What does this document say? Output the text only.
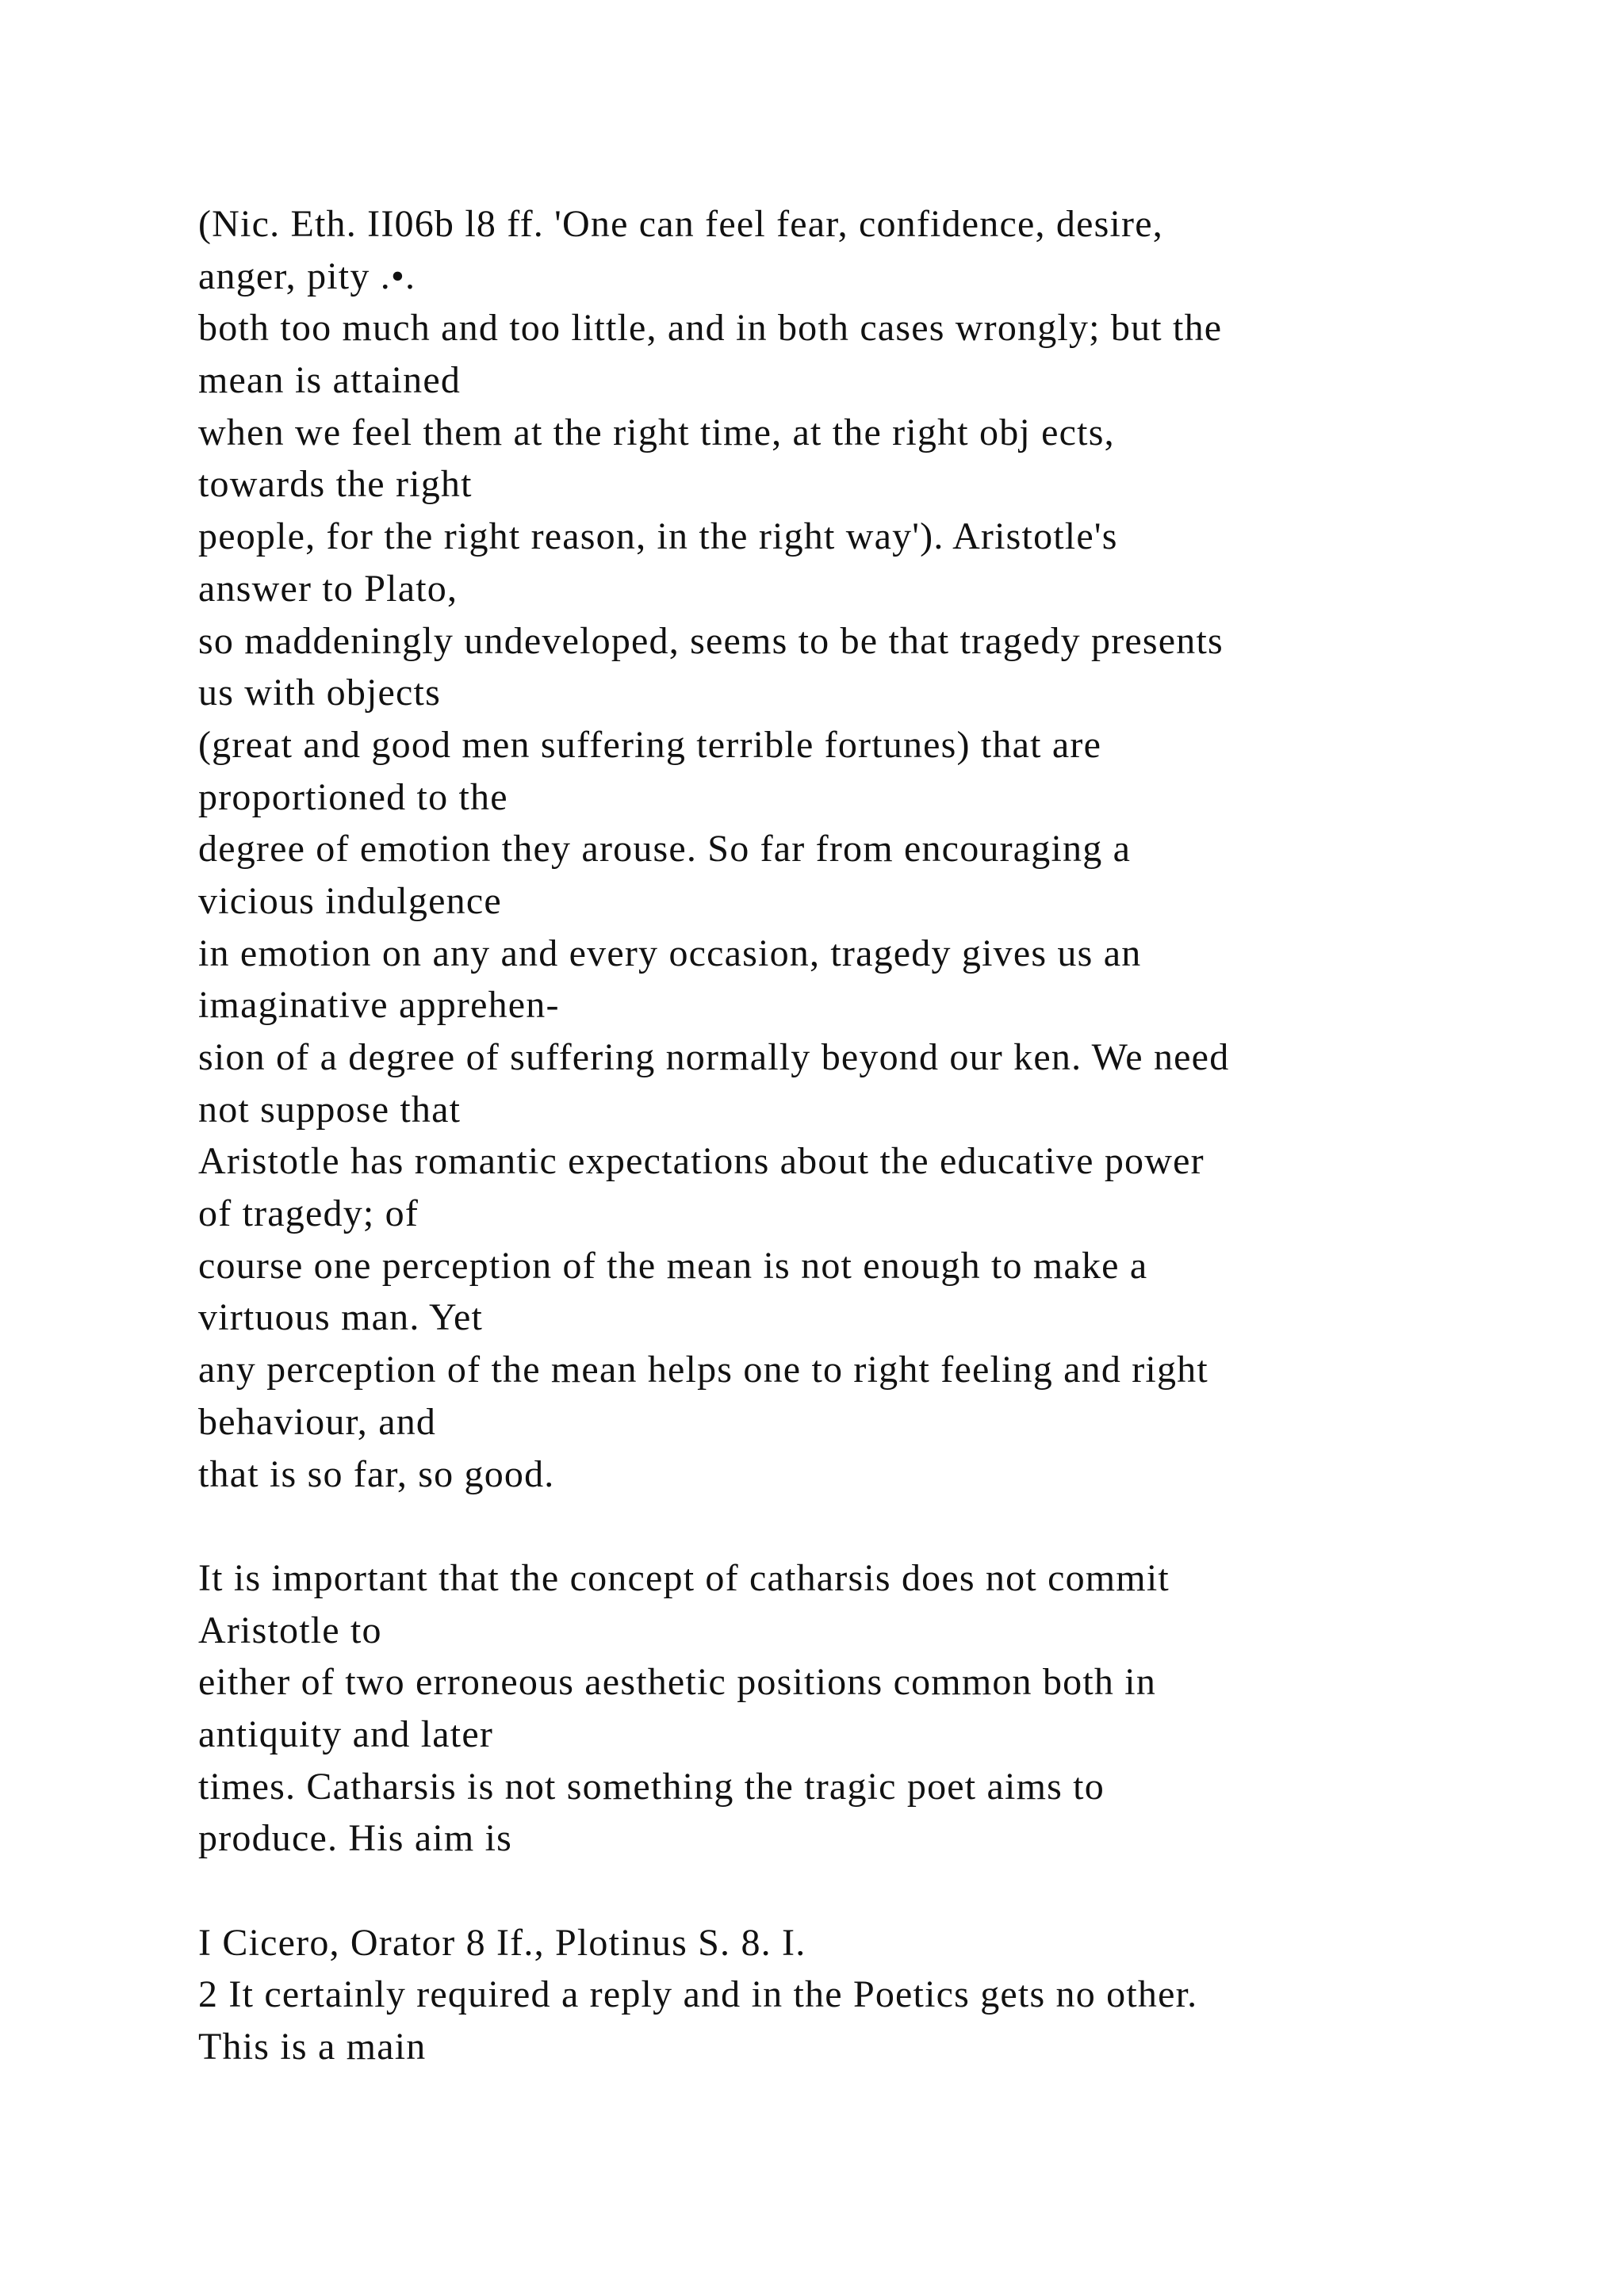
(Nic. Eth. II06b l8 ff. 'One can feel fear, confidence, desire,
anger, pity .•.
both too much and too little, and in both cases wrongly; but the
mean is attained
when we feel them at the right time, at the right obj ects,
towards the right
people, for the right reason, in the right way'). Aristotle's
answer to Plato,
so maddeningly undeveloped, seems to be that tragedy presents
us with objects
(great and good men suffering terrible fortunes) that are
proportioned to the
degree of emotion they arouse. So far from encouraging a
vicious indulgence
in emotion on any and every occasion, tragedy gives us an
imaginative apprehen-
sion of a degree of suffering normally beyond our ken. We need
not suppose that
Aristotle has romantic expectations about the educative power
of tragedy; of
course one perception of the mean is not enough to make a
virtuous man. Yet
any perception of the mean helps one to right feeling and right
behaviour, and
that is so far, so good.
It is important that the concept of catharsis does not commit
Aristotle to
either of two erroneous aesthetic positions common both in
antiquity and later
times. Catharsis is not something the tragic poet aims to
produce. His aim is
I Cicero, Orator 8 If., Plotinus S. 8. I.
2 It certainly required a reply and in the Poetics gets no other.
This is a main
